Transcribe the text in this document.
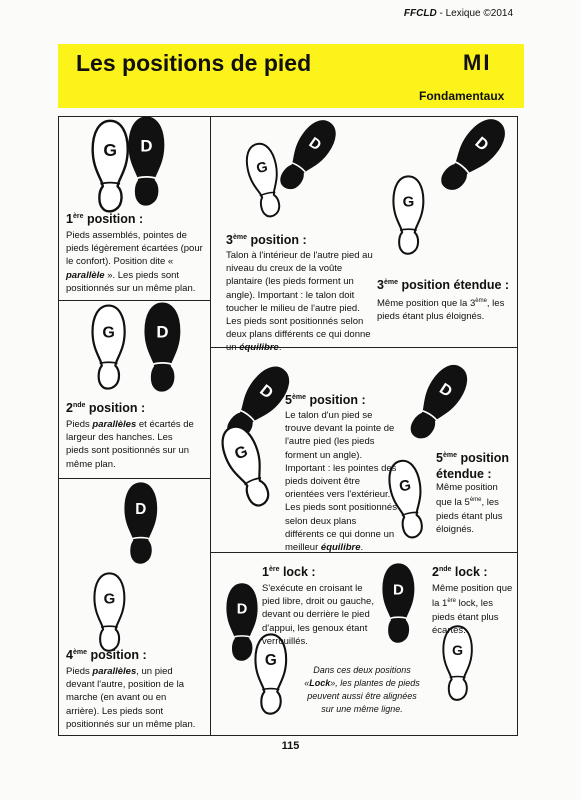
FFCLD - Lexique ©2014
Les positions de pied	MI
Fondamentaux
G D
G D
D
G
G
D
G
D
D
G
D
G
D
G
D
G
1ère position :
Pieds assemblés, pointes de pieds légèrement écartées (pour le confort). Position dite « parallèle ». Les pieds sont positionnés sur un même plan.
2nde position :
Pieds parallèles et écartés de largeur des hanches. Les pieds sont positionnés sur un même plan.
4ème position :
Pieds parallèles, un pied devant l'autre, position de la marche (en avant ou en arrière). Les pieds sont positionnés sur un même plan.
3ème position :
Talon à l'intérieur de l'autre pied au niveau du creux de la voûte plantaire (les pieds forment un angle). Important : le talon doit toucher le milieu de l'autre pied. Les pieds sont positionnés selon deux plans différents ce qui donne un équilibre.
3ème position étendue :
Même position que la 3ème, les pieds étant plus éloignés.
5ème position :
Le talon d'un pied se trouve devant la pointe de l'autre pied (les pieds forment un angle). Important : les pointes des pieds doivent être orientées vers l'extérieur. Les pieds sont positionnés selon deux plans différents ce qui donne un meilleur équilibre.
5ème position
étendue :
Même position que la 5ème, les pieds étant plus éloignés.
1ère lock :
S'exécute en croisant le pied libre, droit ou gauche, devant ou derrière le pied d'appui, les genoux étant verrouillés.
2nde lock :
Même position que la 1ère lock, les pieds étant plus écartés.
Dans ces deux positions «Lock», les plantes de pieds peuvent aussi être alignées sur une même ligne.
115
